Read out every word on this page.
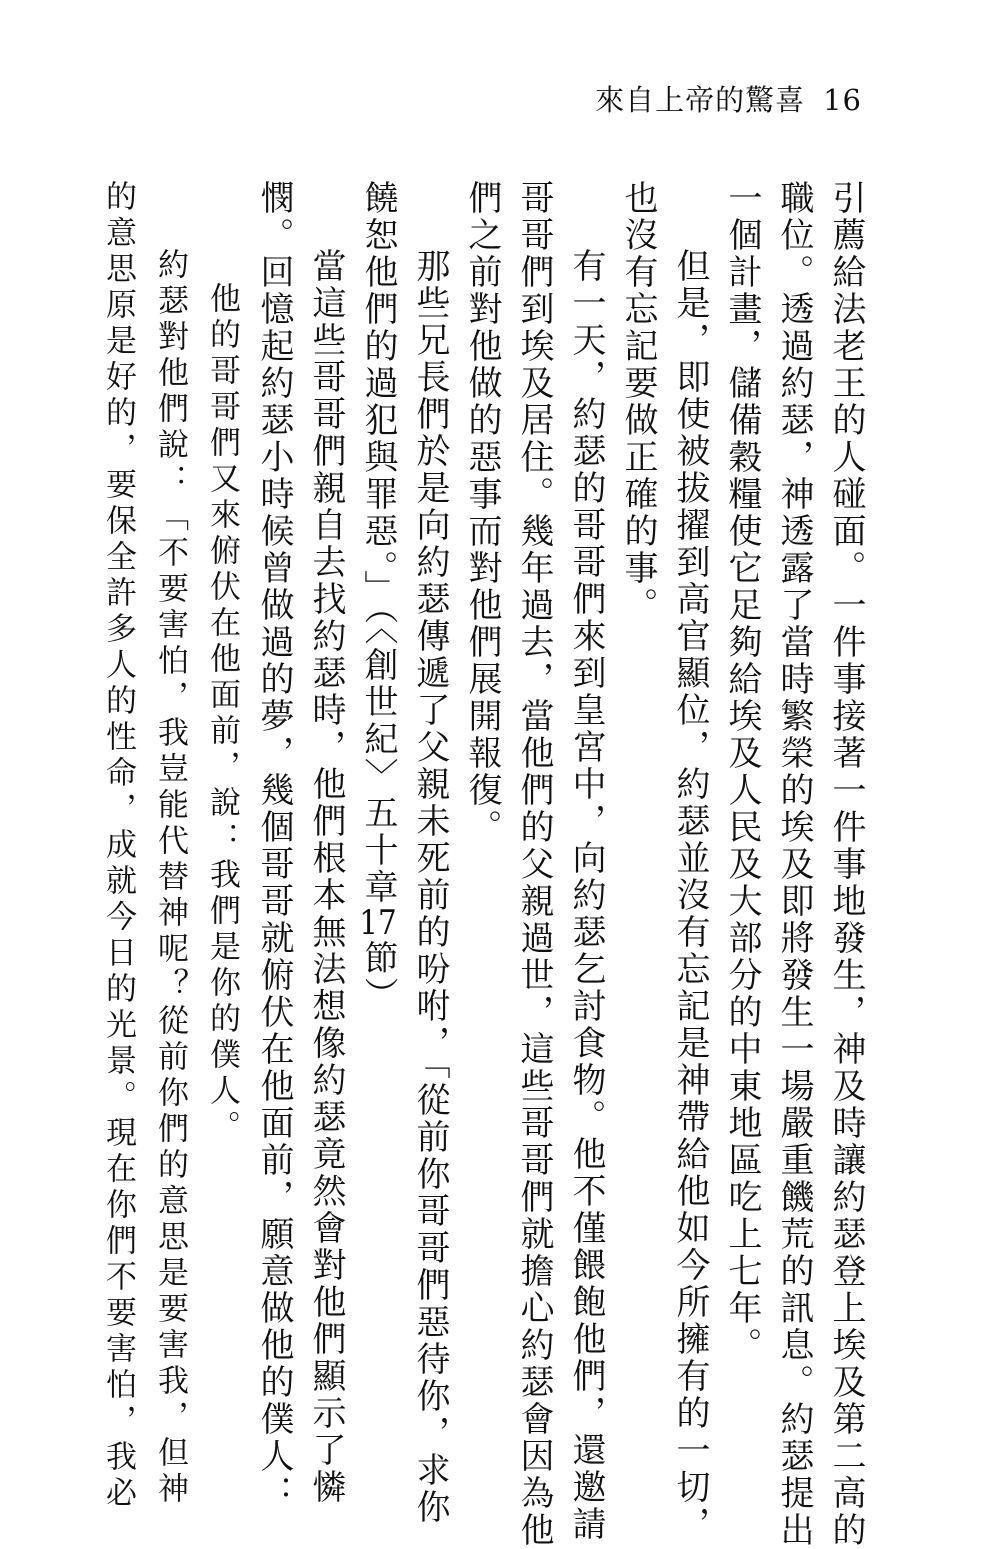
來自上帝的驚喜 16
引薦給法老王的人碰面。一件事接著一件事地發生，神及時讓約瑟登上埃及第二高的
職位。透過約瑟，神透露了當時繁榮的埃及即將發生一場嚴重饑荒的訊息。約瑟提出
一個計畫，儲備穀糧使它足夠給埃及人民及大部分的中東地區吃上七年。
但是，即使被拔擢到高官顯位，約瑟並沒有忘記是神帶給他如今所擁有的一切，
也沒有忘記要做正確的事。
有一天，約瑟的哥哥們來到皇宮中，向約瑟乞討食物。他不僅餵飽他們，還邀請
哥哥們到埃及居住。幾年過去，當他們的父親過世，這些哥哥們就擔心約瑟會因為他
們之前對他做的惡事而對他們展開報復。
那些兄長們於是向約瑟傳遞了父親未死前的吩咐，「從前你哥哥們惡待你，求你
饒恕他們的過犯與罪惡。」（〈創世紀〉五十章17節）
當這些哥哥們親自去找約瑟時，他們根本無法想像約瑟竟然會對他們顯示了憐
憫。回憶起約瑟小時候曾做過的夢，幾個哥哥就俯伏在他面前，願意做他的僕人：
他的哥哥們又來俯伏在他面前，說：我們是你的僕人。
約瑟對他們說：「不要害怕，我豈能代替神呢？從前你們的意思是要害我，但神
的意思原是好的，要保全許多人的性命，成就今日的光景。現在你們不要害怕，我必
